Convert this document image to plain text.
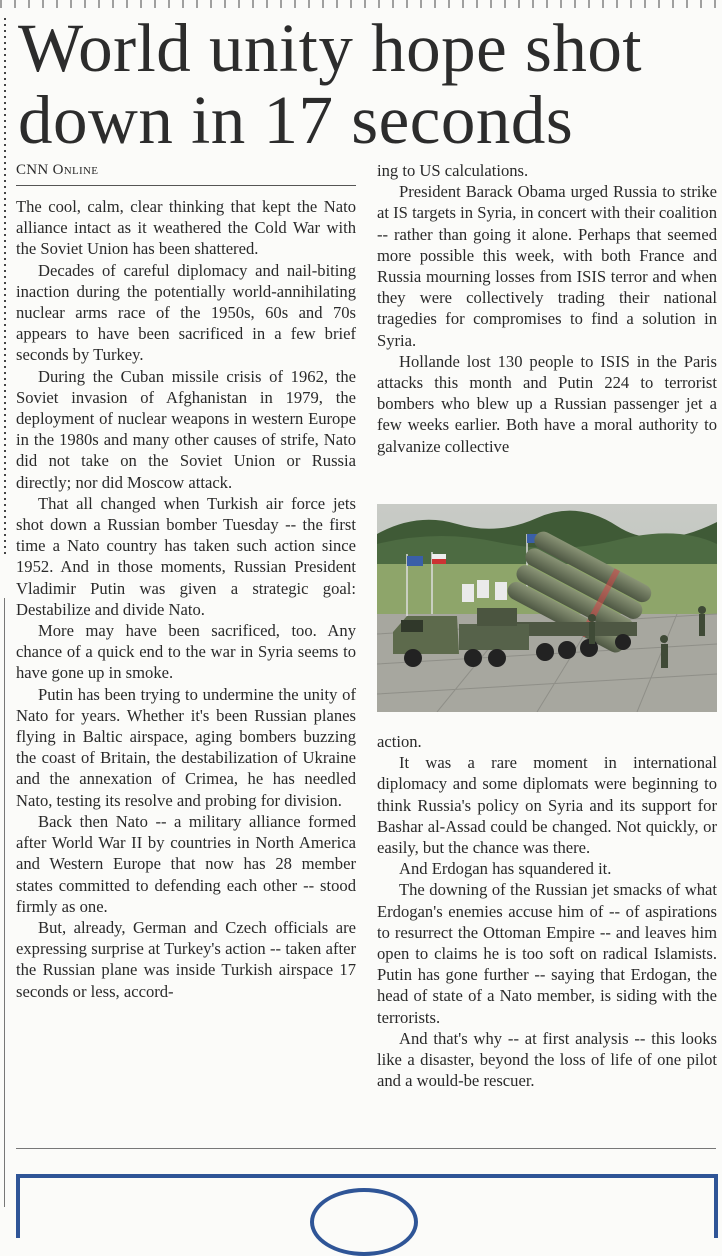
World unity hope shot down in 17 seconds
CNN Online

The cool, calm, clear thinking that kept the Nato alliance intact as it weathered the Cold War with the Soviet Union has been shattered.

Decades of careful diplomacy and nail-biting inaction during the potentially world-annihilating nuclear arms race of the 1950s, 60s and 70s appears to have been sacrificed in a few brief seconds by Turkey.

During the Cuban missile crisis of 1962, the Soviet invasion of Afghanistan in 1979, the deployment of nuclear weapons in western Europe in the 1980s and many other causes of strife, Nato did not take on the Soviet Union or Russia directly; nor did Moscow attack.

That all changed when Turkish air force jets shot down a Russian bomber Tuesday -- the first time a Nato country has taken such action since 1952. And in those moments, Russian President Vladimir Putin was given a strategic goal: Destabilize and divide Nato.

More may have been sacrificed, too. Any chance of a quick end to the war in Syria seems to have gone up in smoke.

Putin has been trying to undermine the unity of Nato for years. Whether it's been Russian planes flying in Baltic airspace, aging bombers buzzing the coast of Britain, the destabilization of Ukraine and the annexation of Crimea, he has needled Nato, testing its resolve and probing for division.

Back then Nato -- a military alliance formed after World War II by countries in North America and Western Europe that now has 28 member states committed to defending each other -- stood firmly as one.

But, already, German and Czech officials are expressing surprise at Turkey's action -- taken after the Russian plane was inside Turkish airspace 17 seconds or less, accord-

ing to US calculations.

President Barack Obama urged Russia to strike at IS targets in Syria, in concert with their coalition -- rather than going it alone. Perhaps that seemed more possible this week, with both France and Russia mourning losses from ISIS terror and when they were collectively trading their national tragedies for compromises to find a solution in Syria.

Hollande lost 130 people to ISIS in the Paris attacks this month and Putin 224 to terrorist bombers who blew up a Russian passenger jet a few weeks earlier. Both have a moral authority to galvanize collective

action.

It was a rare moment in international diplomacy and some diplomats were beginning to think Russia's policy on Syria and its support for Bashar al-Assad could be changed. Not quickly, or easily, but the chance was there.

And Erdogan has squandered it.

The downing of the Russian jet smacks of what Erdogan's enemies accuse him of -- of aspirations to resurrect the Ottoman Empire -- and leaves him open to claims he is too soft on radical Islamists. Putin has gone further -- saying that Erdogan, the head of state of a Nato member, is siding with the terrorists.

And that's why -- at first analysis -- this looks like a disaster, beyond the loss of life of one pilot and a would-be rescuer.
